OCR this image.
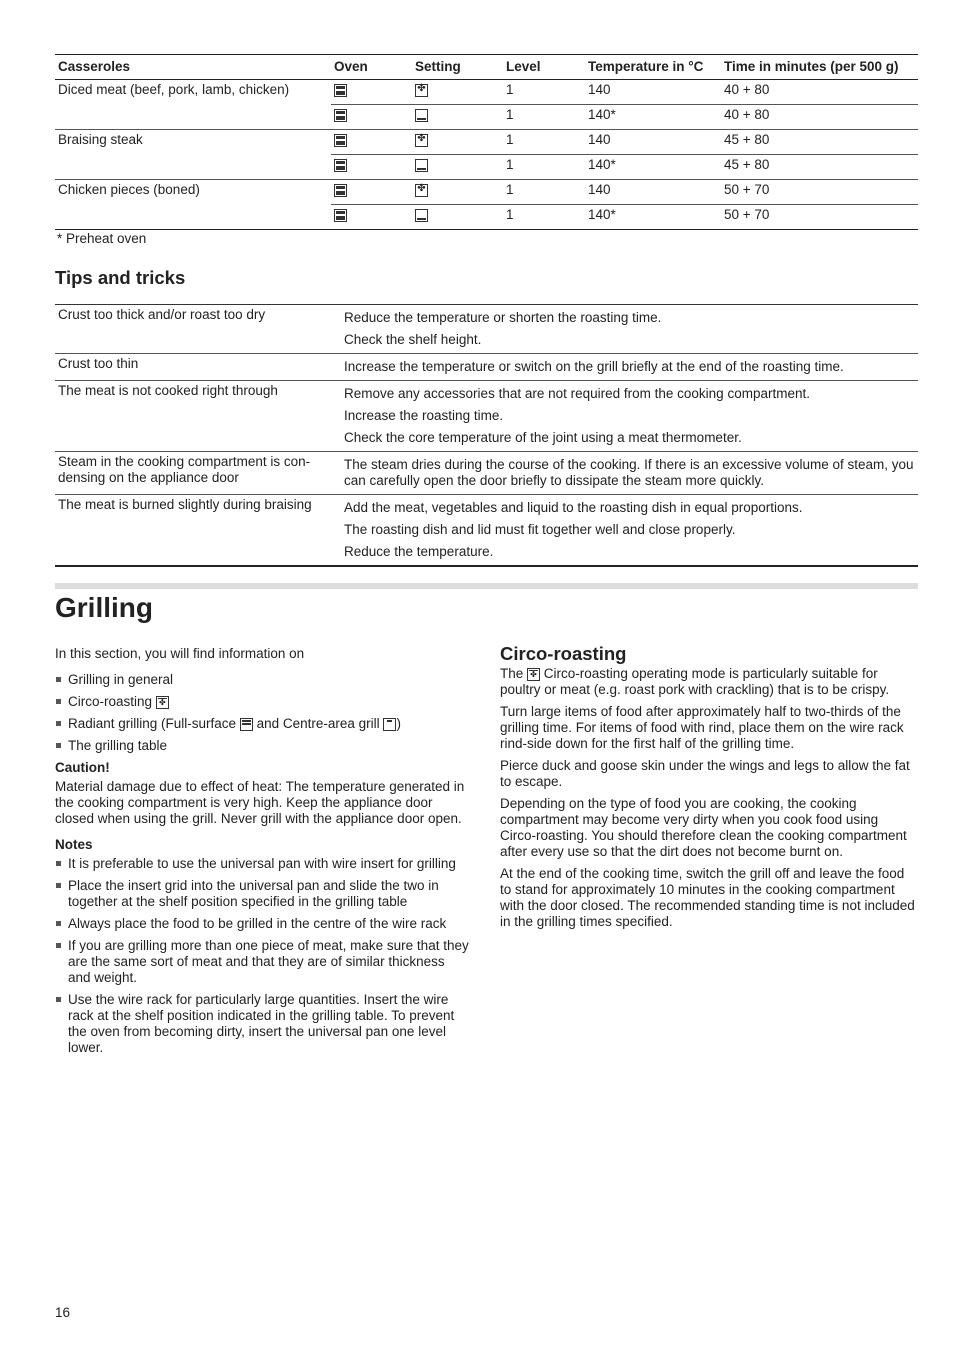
Casseroles	Oven	Setting	Level	Temperature in °C	Time in minutes (per 500 g)
Diced meat (beef, pork, lamb, chicken)		✤	1	140	40 + 80
			1	140*	40 + 80
Braising steak		✤	1	140	45 + 80
			1	140*	45 + 80
Chicken pieces (boned)		✤	1	140	50 + 70
			1	140*	50 + 70
* Preheat oven
Tips and tricks
Crust too thick and/or roast too dry	Reduce the temperature or shorten the roasting time.
Check the shelf height.

Crust too thin	Increase the temperature or switch on the grill briefly at the end of the roasting time.

The meat is not cooked right through	Remove any accessories that are not required from the cooking compartment.
Increase the roasting time.
Check the core temperature of the joint using a meat thermometer.

Steam in the cooking compartment is con-densing on the appliance door	The steam dries during the course of the cooking. If there is an excessive volume of steam, you can carefully open the door briefly to dissipate the steam more quickly.

The meat is burned slightly during braising	Add the meat, vegetables and liquid to the roasting dish in equal proportions.
The roasting dish and lid must fit together well and close properly.
Reduce the temperature.
Grilling

In this section, you will find information on

Grilling in general
Circo-roasting ✤
Radiant grilling (Full-surface and Centre-area grill )
The grilling table
Caution!

Material damage due to effect of heat: The temperature generated in the cooking compartment is very high. Keep the appliance door closed when using the grill. Never grill with the appliance door open.

Notes
It is preferable to use the universal pan with wire insert for grilling
Place the insert grid into the universal pan and slide the two in together at the shelf position specified in the grilling table
Always place the food to be grilled in the centre of the wire rack
If you are grilling more than one piece of meat, make sure that they are the same sort of meat and that they are of similar thickness and weight.
Use the wire rack for particularly large quantities. Insert the wire rack at the shelf position indicated in the grilling table. To prevent the oven from becoming dirty, insert the universal pan one level lower.
Circo-roasting

The ✤ Circo-roasting operating mode is particularly suitable for poultry or meat (e.g. roast pork with crackling) that is to be crispy.

Turn large items of food after approximately half to two-thirds of the grilling time. For items of food with rind, place them on the wire rack rind-side down for the first half of the grilling time.

Pierce duck and goose skin under the wings and legs to allow the fat to escape.

Depending on the type of food you are cooking, the cooking compartment may become very dirty when you cook food using Circo-roasting. You should therefore clean the cooking compartment after every use so that the dirt does not become burnt on.

At the end of the cooking time, switch the grill off and leave the food to stand for approximately 10 minutes in the cooking compartment with the door closed. The recommended standing time is not included in the grilling times specified.

16
